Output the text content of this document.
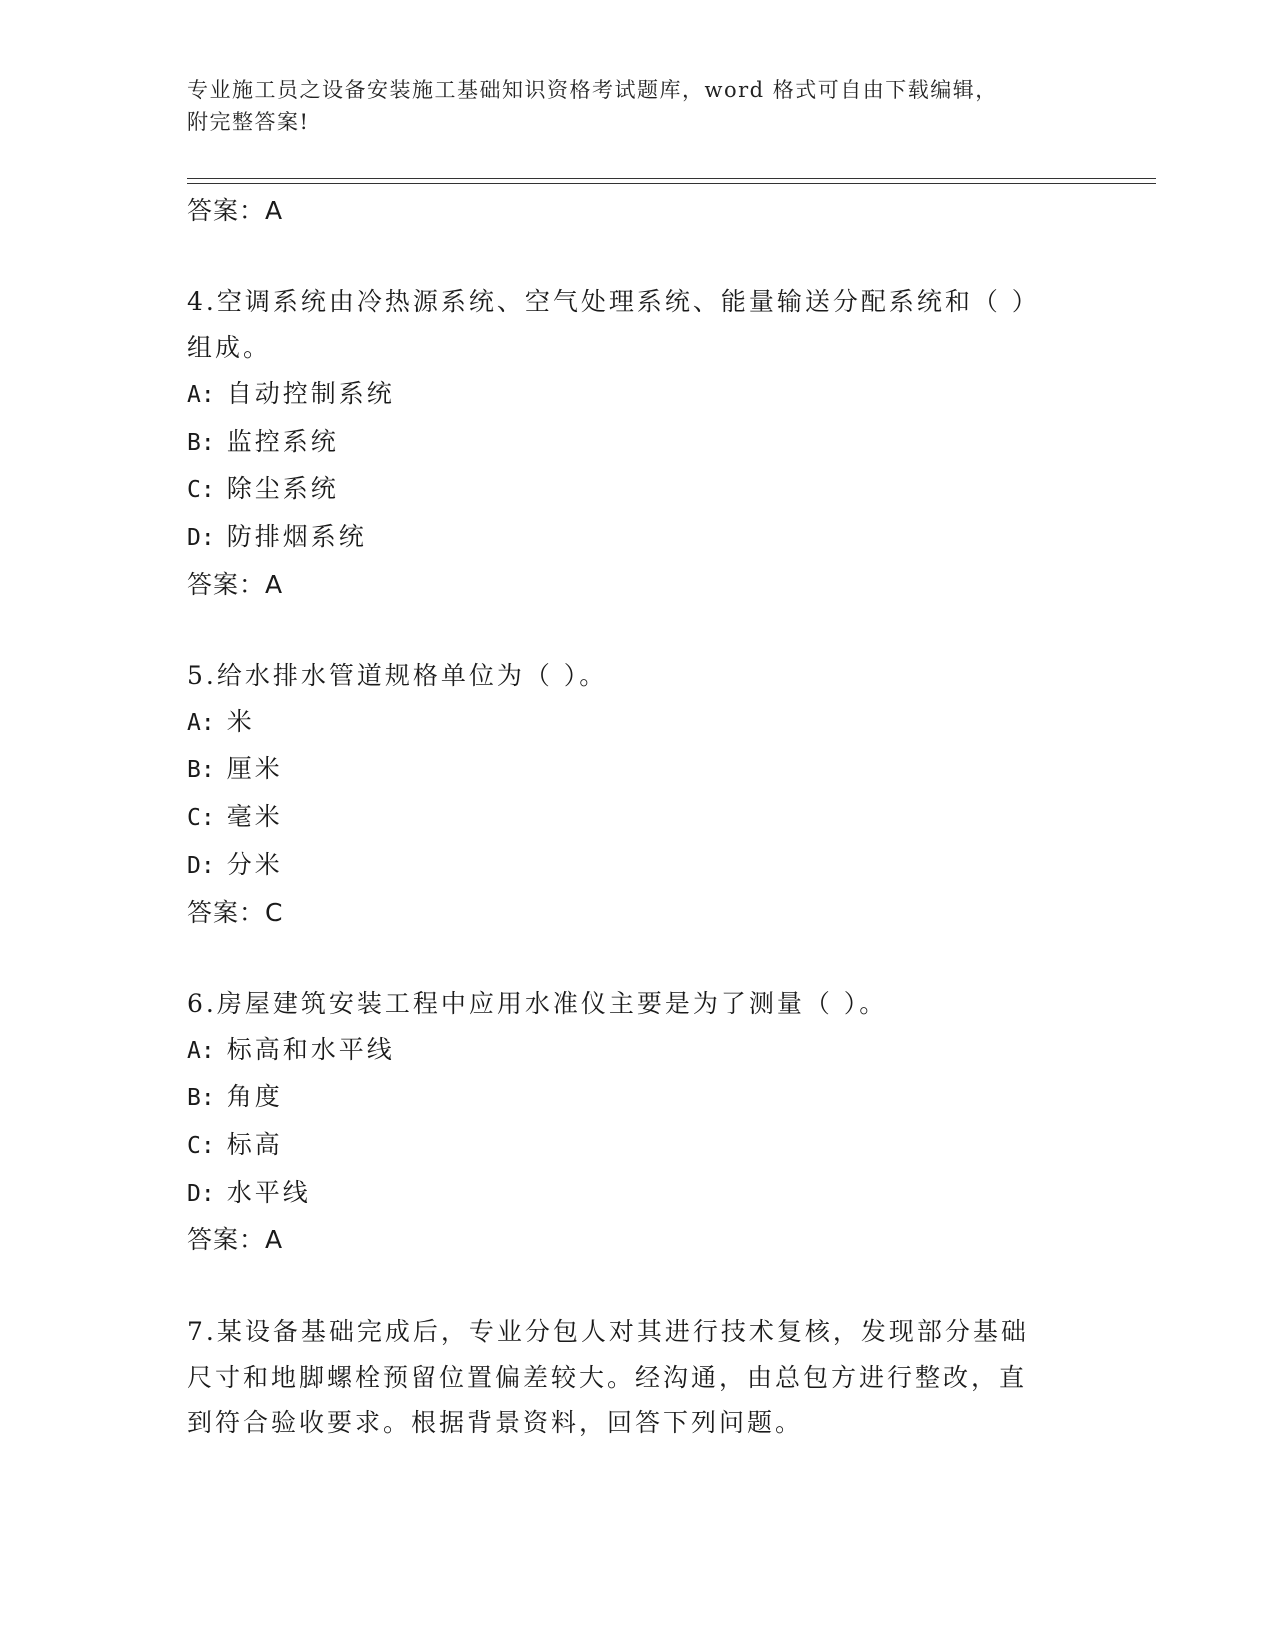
专业施工员之设备安装施工基础知识资格考试题库，word 格式可自由下载编辑，
附完整答案!
答案：A
4.空调系统由冷热源系统、空气处理系统、能量输送分配系统和（ ）
组成。
A: 自动控制系统
B: 监控系统
C: 除尘系统
D: 防排烟系统
答案：A
5.给水排水管道规格单位为（ ）。
A: 米
B: 厘米
C: 毫米
D: 分米
答案：C
6.房屋建筑安装工程中应用水准仪主要是为了测量（ ）。
A: 标高和水平线
B: 角度
C: 标高
D: 水平线
答案：A
7.某设备基础完成后，专业分包人对其进行技术复核，发现部分基础
尺寸和地脚螺栓预留位置偏差较大。经沟通，由总包方进行整改，直
到符合验收要求。根据背景资料，回答下列问题。
